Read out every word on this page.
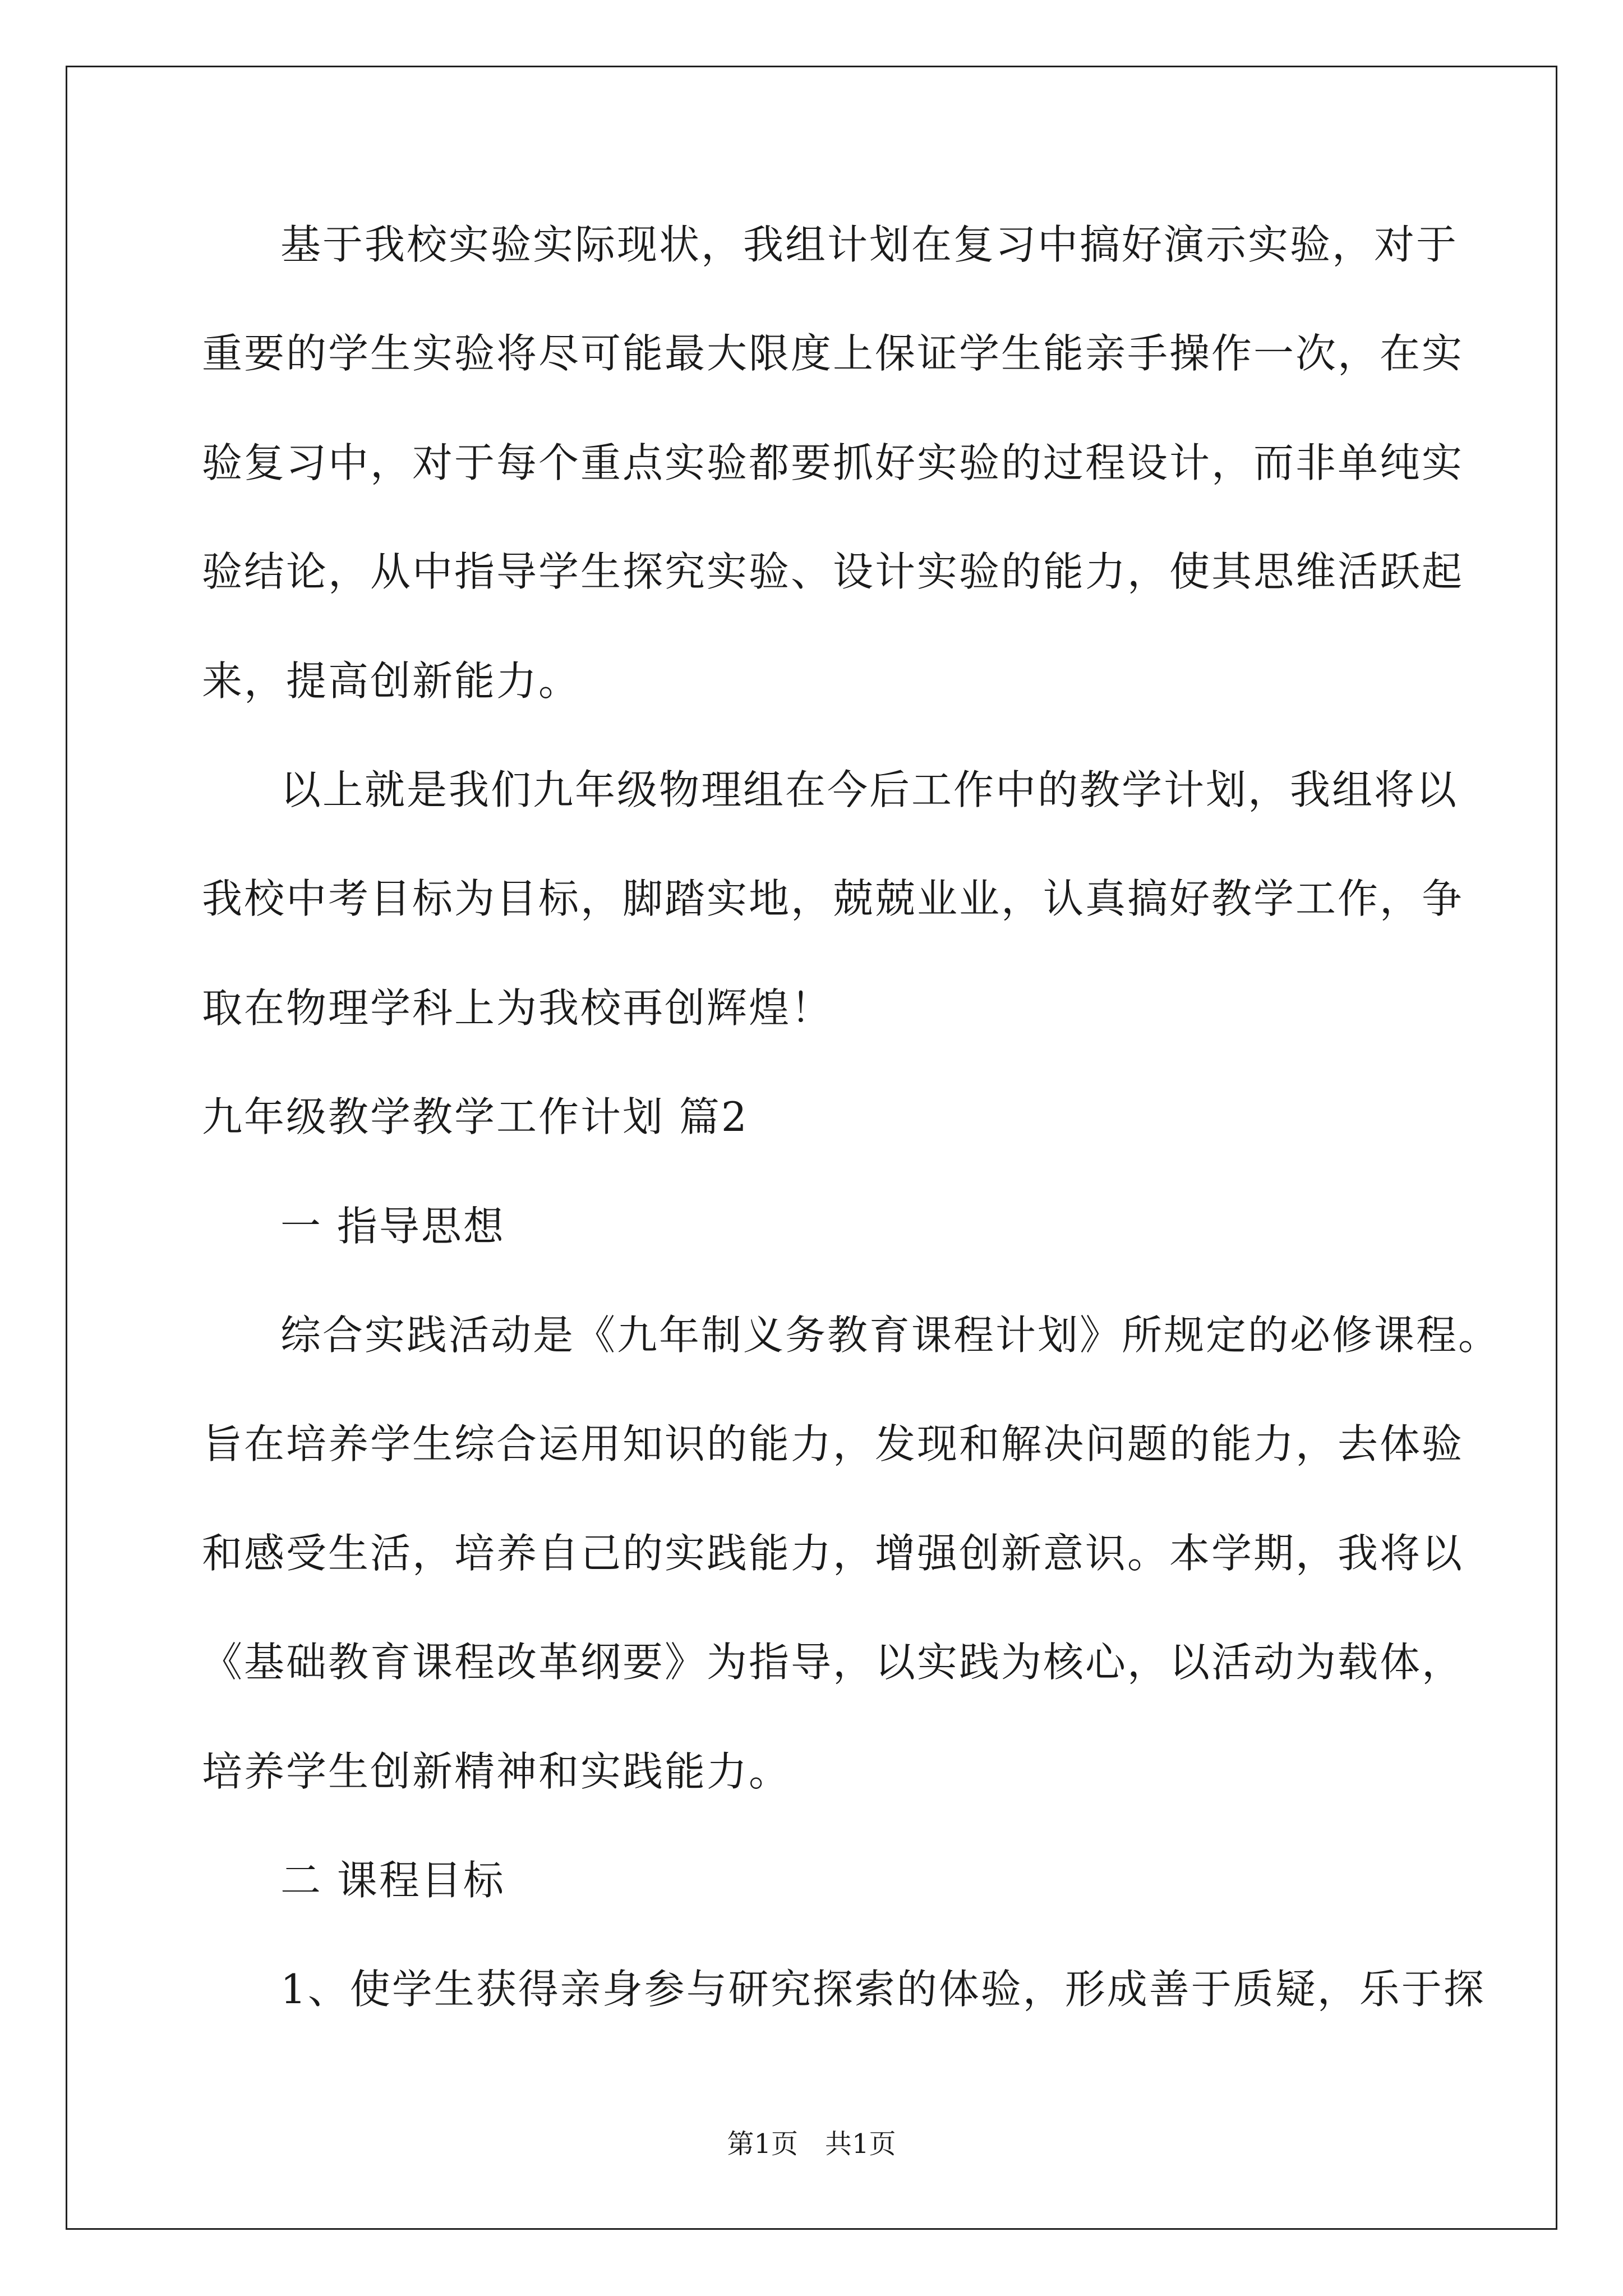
基于我校实验实际现状，我组计划在复习中搞好演示实验，对于
重要的学生实验将尽可能最大限度上保证学生能亲手操作一次，在实
验复习中，对于每个重点实验都要抓好实验的过程设计，而非单纯实
验结论，从中指导学生探究实验、设计实验的能力，使其思维活跃起
来，提高创新能力。
以上就是我们九年级物理组在今后工作中的教学计划，我组将以
我校中考目标为目标，脚踏实地，兢兢业业，认真搞好教学工作，争
取在物理学科上为我校再创辉煌！
九年级教学教学工作计划 篇2
一 指导思想
综合实践活动是《九年制义务教育课程计划》所规定的必修课程。
旨在培养学生综合运用知识的能力，发现和解决问题的能力，去体验
和感受生活，培养自己的实践能力，增强创新意识。本学期，我将以
《基础教育课程改革纲要》为指导，以实践为核心，以活动为载体，
培养学生创新精神和实践能力。
二 课程目标
1、使学生获得亲身参与研究探索的体验，形成善于质疑，乐于探
第1页　共1页
